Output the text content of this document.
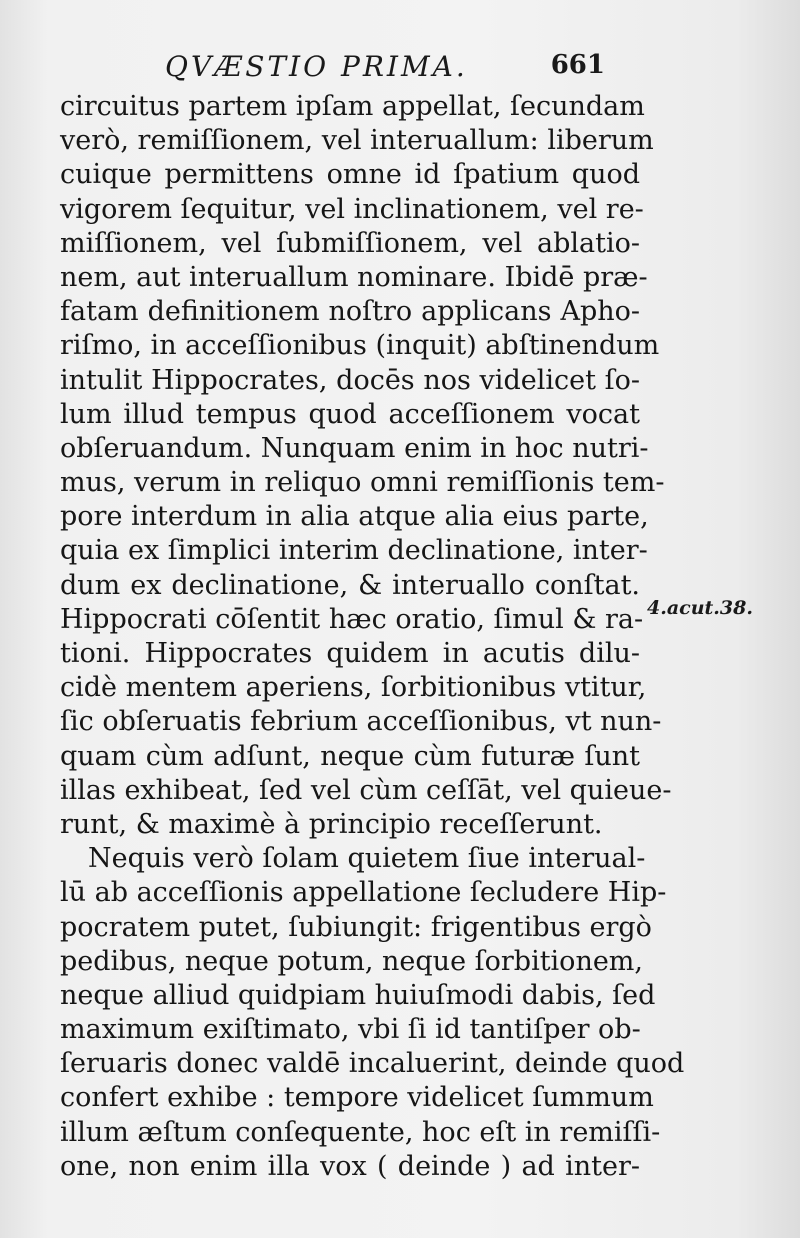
QVÆSTIO PRIMA.	661
circuitus partem ipſam appellat, ſecundam
verò, remiſſionem, vel interuallum: liberum
cuique permittens omne id ſpatium quod
vigorem ſequitur, vel inclinationem, vel re-
miſſionem, vel ſubmiſſionem, vel ablatio-
nem, aut interuallum nominare. Ibidē præ-
fatam definitionem noſtro applicans Apho-
riſmo, in acceſſionibus (inquit) abſtinendum
intulit Hippocrates, docēs nos videlicet ſo-
lum illud tempus quod acceſſionem vocat
obſeruandum. Nunquam enim in hoc nutri-
mus, verum in reliquo omni remiſſionis tem-
pore interdum in alia atque alia eius parte,
quia ex ſimplici interim declinatione, inter-
dum ex declinatione, & interuallo conſtat.
Hippocrati cōſentit hæc oratio, ſimul & ra-
tioni. Hippocrates quidem in acutis dilu-
cidè mentem aperiens, ſorbitionibus vtitur,
ſic obſeruatis febrium acceſſionibus, vt nun-
quam cùm adſunt, neque cùm futuræ ſunt
illas exhibeat, ſed vel cùm ceſſāt, vel quieue-
runt, & maximè à principio receſſerunt.
Nequis verò ſolam quietem ſiue interual-
lū ab acceſſionis appellatione ſecludere Hip-
pocratem putet, ſubiungit: frigentibus ergò
pedibus, neque potum, neque ſorbitionem,
neque alliud quidpiam huiuſmodi dabis, ſed
maximum exiſtimato, vbi ſi id tantiſper ob-
ſeruaris donec valdē incaluerint, deinde quod
confert exhibe : tempore videlicet ſummum
illum æſtum conſequente, hoc eſt in remiſſi-
one, non enim illa vox ( deinde ) ad inter-
4.acut.38.
